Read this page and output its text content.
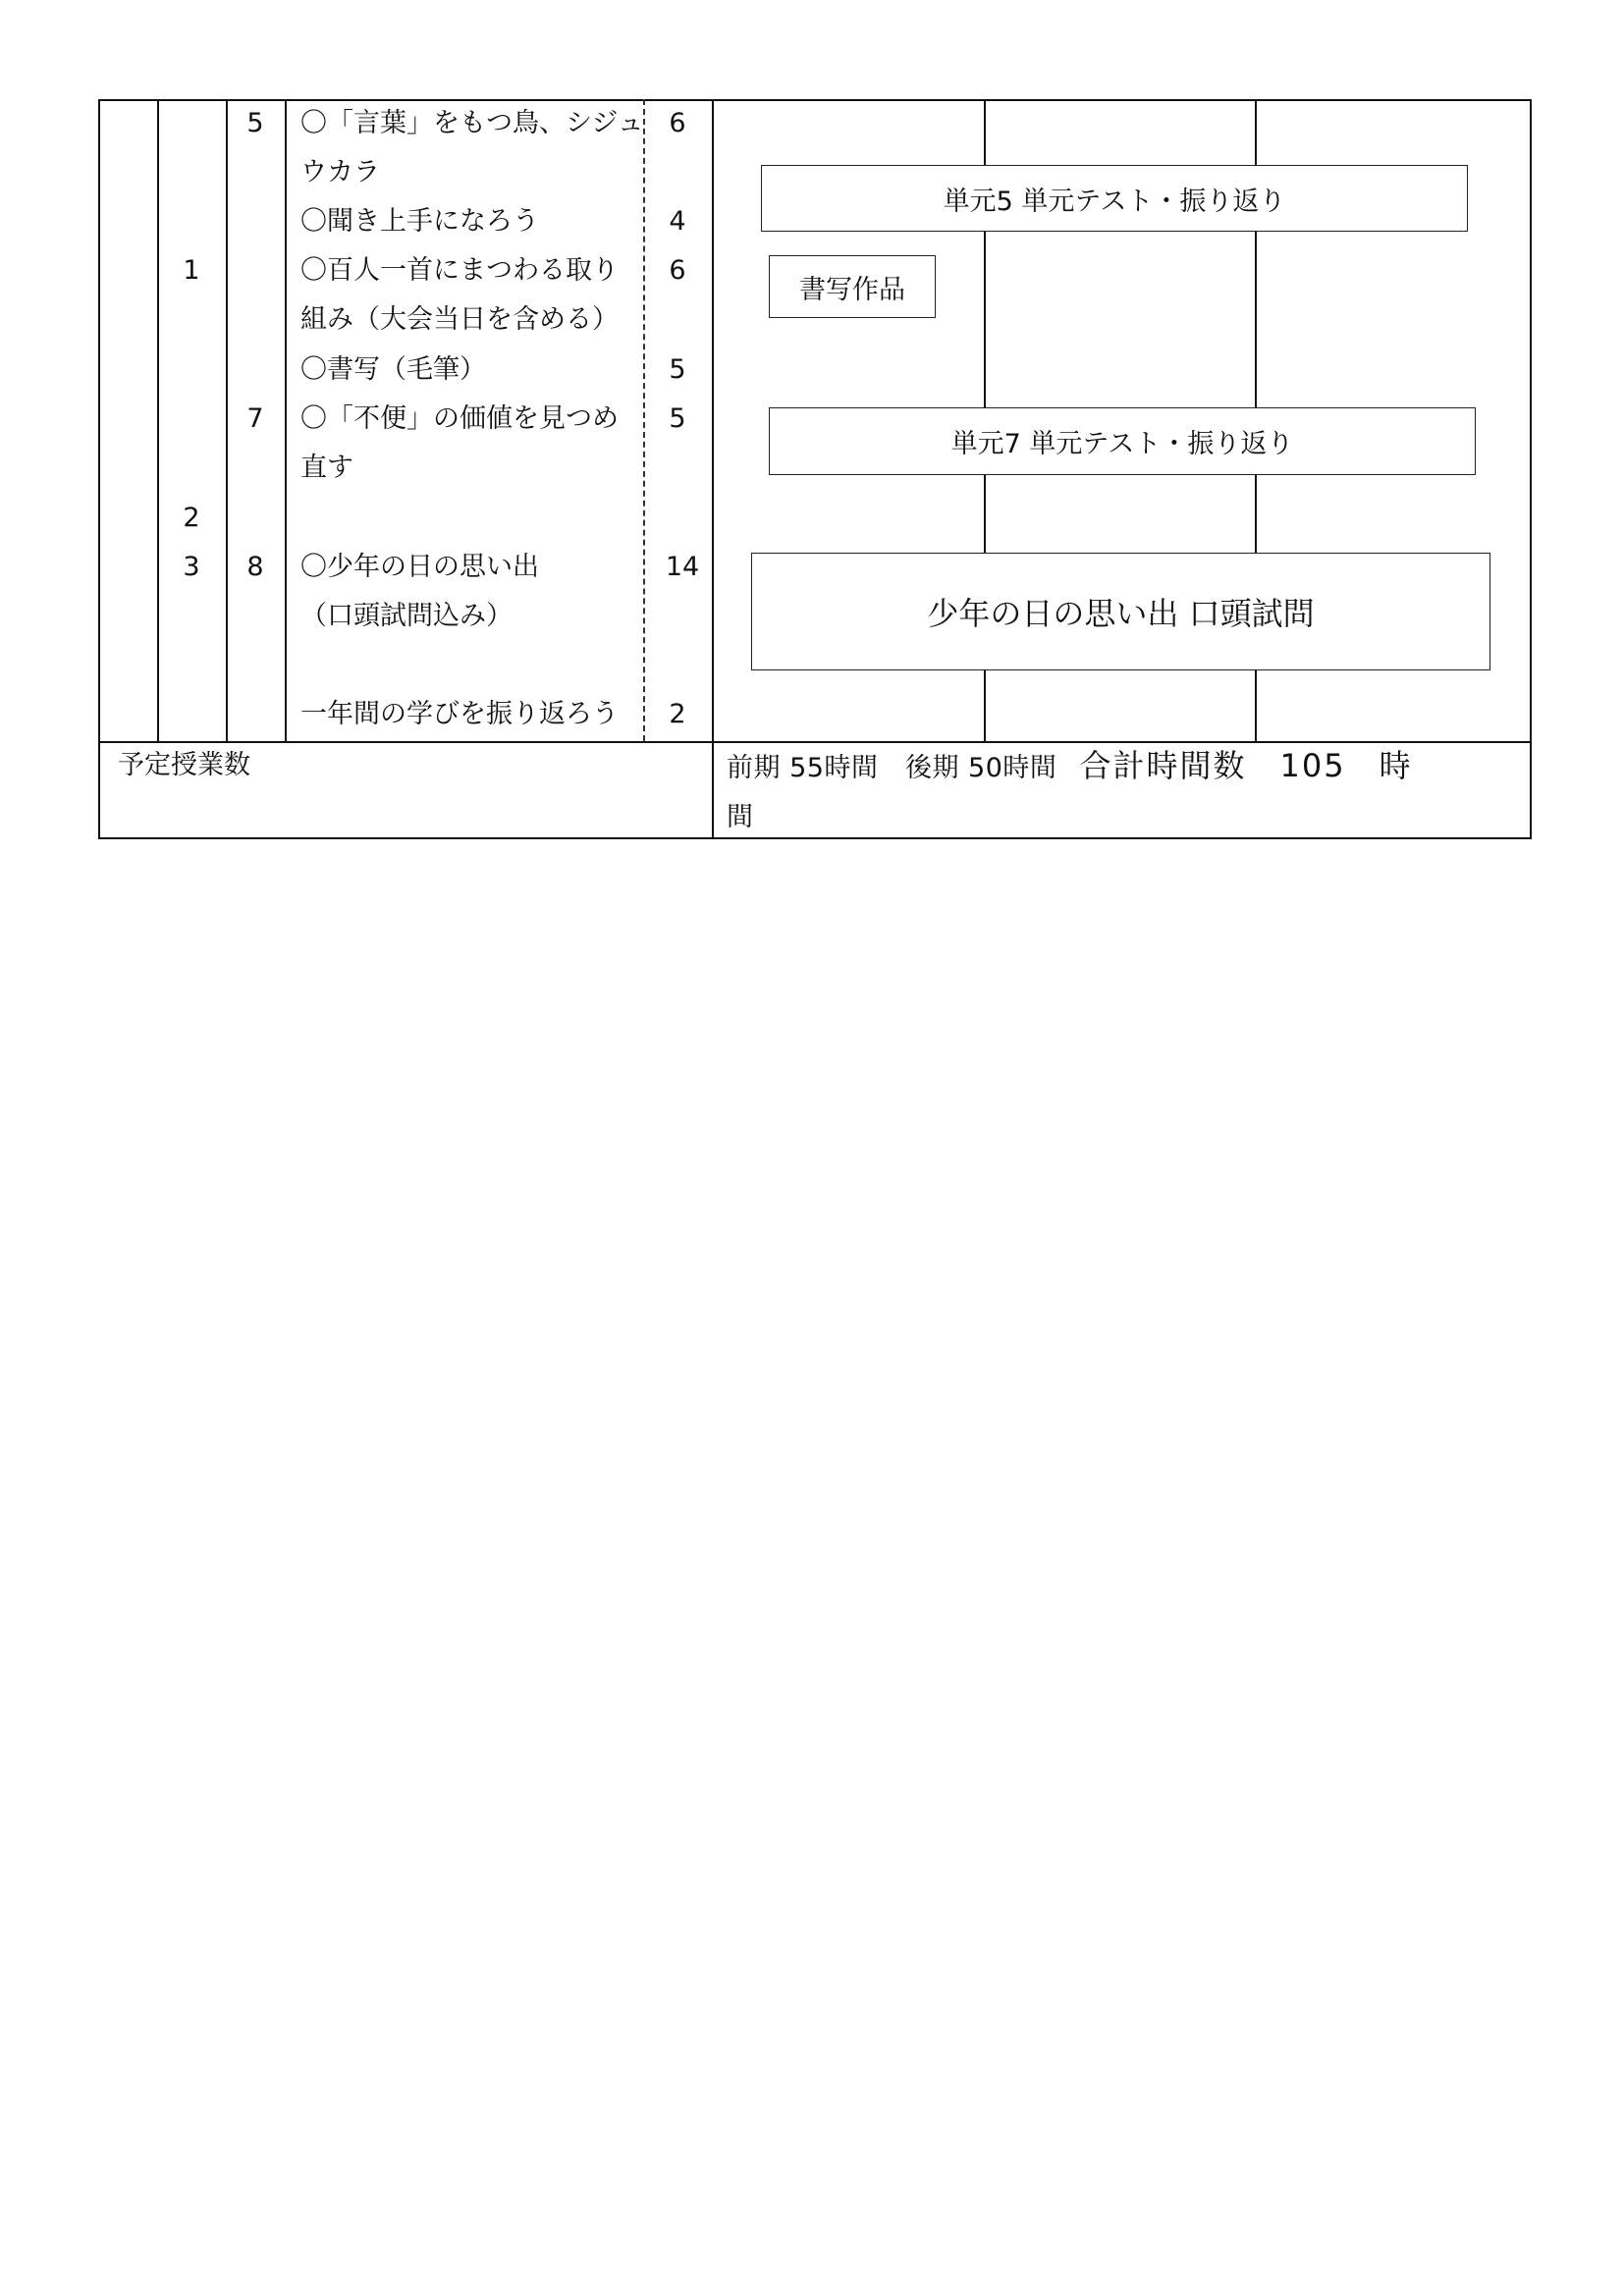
1
2
3
5
7
8
〇「言葉」をもつ鳥、シジュ
ウカラ
〇聞き上手になろう
〇百人一首にまつわる取り
組み（大会当日を含める）
〇書写（毛筆）
〇「不便」の価値を見つめ
直す
〇少年の日の思い出
（口頭試問込み）
一年間の学びを振り返ろう
6
4
6
5
5
14
2
単元5 単元テスト・振り返り
書写作品
単元7 単元テスト・振り返り
少年の日の思い出 口頭試問
予定授業数	前期 55時間　後期 50時間 合計時間数　105　時
間
